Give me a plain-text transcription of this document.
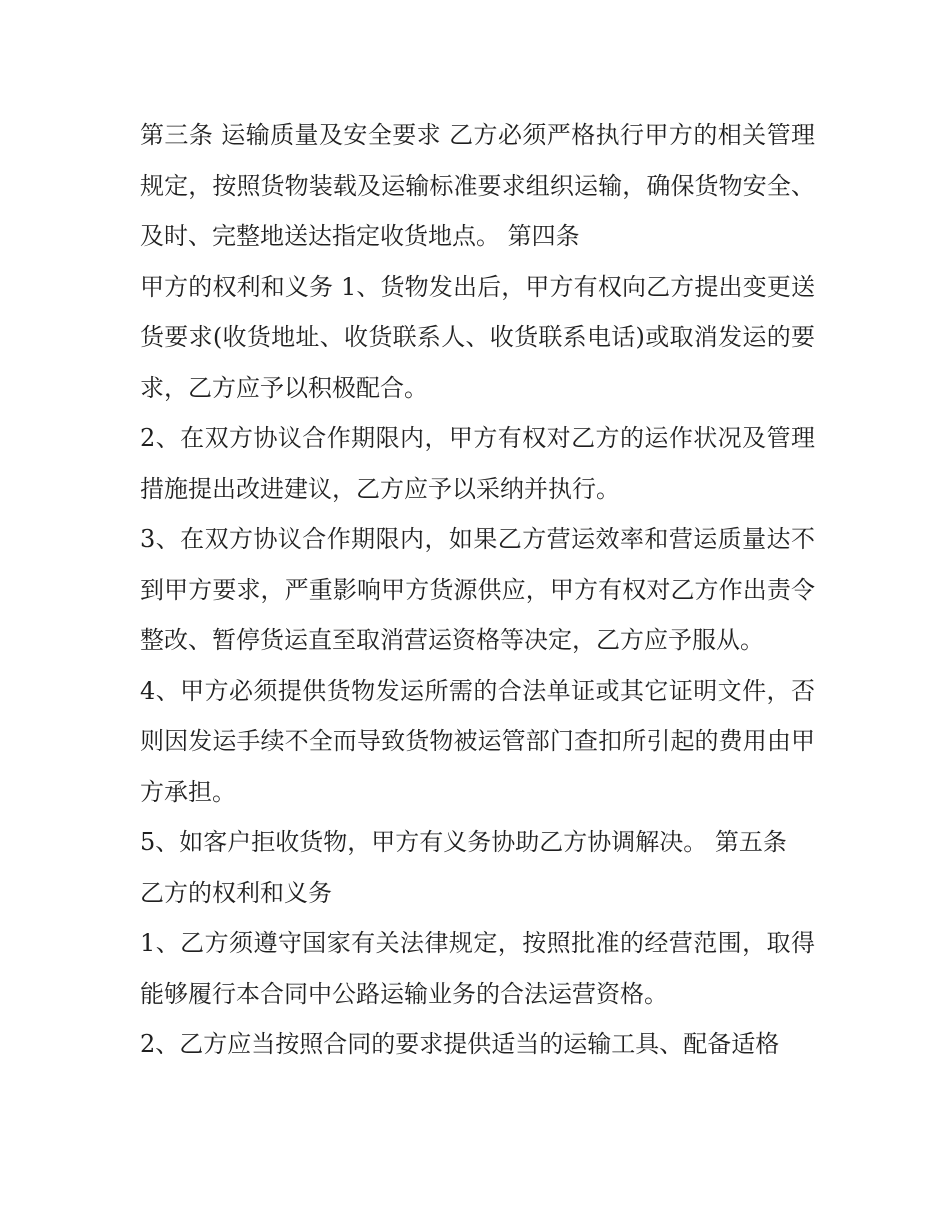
第三条 运输质量及安全要求 乙方必须严格执行甲方的相关管理规定，按照货物装载及运输标准要求组织运输，确保货物安全、及时、完整地送达指定收货地点。 第四条

甲方的权利和义务 1、货物发出后，甲方有权向乙方提出变更送货要求(收货地址、收货联系人、收货联系电话)或取消发运的要求，乙方应予以积极配合。

2、在双方协议合作期限内，甲方有权对乙方的运作状况及管理措施提出改进建议，乙方应予以采纳并执行。

3、在双方协议合作期限内，如果乙方营运效率和营运质量达不到甲方要求，严重影响甲方货源供应，甲方有权对乙方作出责令整改、暂停货运直至取消营运资格等决定，乙方应予服从。

4、甲方必须提供货物发运所需的合法单证或其它证明文件，否则因发运手续不全而导致货物被运管部门查扣所引起的费用由甲方承担。

5、如客户拒收货物，甲方有义务协助乙方协调解决。 第五条

乙方的权利和义务

1、乙方须遵守国家有关法律规定，按照批准的经营范围，取得能够履行本合同中公路运输业务的合法运营资格。

2、乙方应当按照合同的要求提供适当的运输工具、配备适格
